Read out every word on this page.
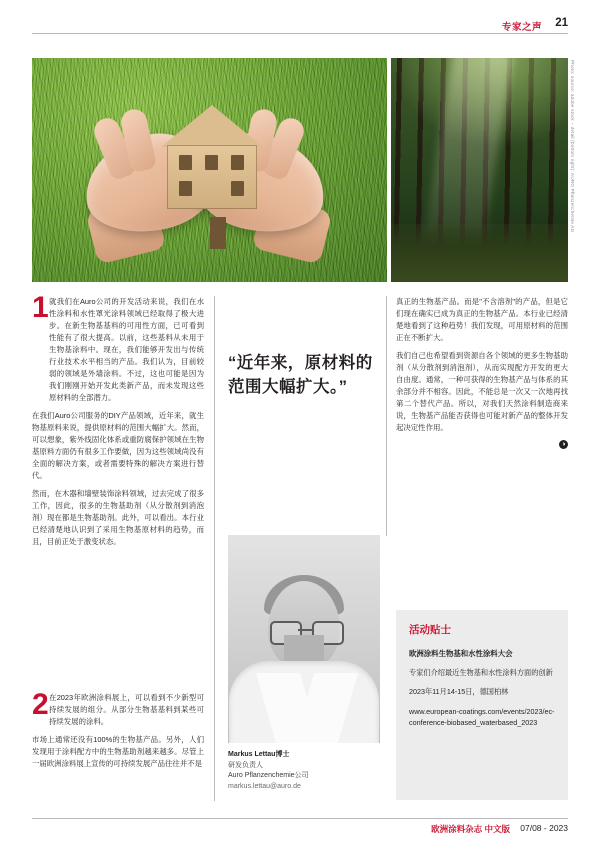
专家之声 21
Photo: source: adobe stock – detail (bottom right): AURO Pflanzenchemie AG
1 就我们在Auro公司的开发活动来说，我们在水性涂料和水性罩光涂料领域已经取得了极大进步。在新生物基基料的可用性方面，已可看到性能有了很大提高。以前，这些基料从未用于生物基涂料中。现在，我们能够开发出与传统行业技术水平相当的产品。我们认为，目前较弱的领域是外墙涂料。不过，这也可能是因为我们刚刚开始开发此类新产品，而未发现这些原材料的全部潜力。

在我们Auro公司服务的DIY产品领域，近年来，就生物基原料来说，提供原材料的范围大幅扩大。然而，可以想象，紫外线固化体系或重防腐保护领域在生物基原料方面仍有很多工作要做，因为这些领域尚没有全面的解决方案，或者需要特殊的解决方案进行替代。

然而，在木器和墙壁装饰涂料领域，过去完成了很多工作，因此，很多的生物基助剂（从分散剂到消泡剂）现在都是生物基助剂。此外，可以看出。本行业已经清楚地认识到了采用生物基原材料的趋势，而且，目前正处于激变状态。

2 在2023年欧洲涂料展上，可以看到不少新型可持续发展的组分。从部分生物基基料到某些可持续发展的涂料。

市场上通常还没有100%的生物基产品。另外，人们发现用于涂料配方中的生物基助剂越来越多。尽管上一届欧洲涂料展上宣传的可持续发展产品往往并不是

“近年来，原材料的范围大幅扩大。”
Markus Lettau博士
研发负责人
Auro Pflanzenchemie公司
markus.lettau@auro.de

真正的生物基产品。而是"不含溶剂"的产品，但是它们现在确实已成为真正的生物基产品。本行业已经清楚地看到了这种趋势！我们发现，可用原材料的范围正在不断扩大。

我们自己也希望看到资源自各个领域的更多生物基助剂（从分散剂到消泡剂），从而实现配方开发的更大自由度。通常，一种可获得的生物基产品与体系的其余部分并不相容。因此，不能总是一次又一次地再找第二个替代产品。所以，对我们天然涂料制造商来说，生物基产品能否获得也可能对新产品的整体开发起决定性作用。

◑
活动贴士
欧洲涂料生物基和水性涂料大会
专家们介绍最近生物基和水性涂料方面的创新
2023年11月14-15日，德国柏林
www.european-coatings.com/events/2023/ec-conference-biobased_waterbased_2023
欧洲涂料杂志 中文版 07/08 - 2023
